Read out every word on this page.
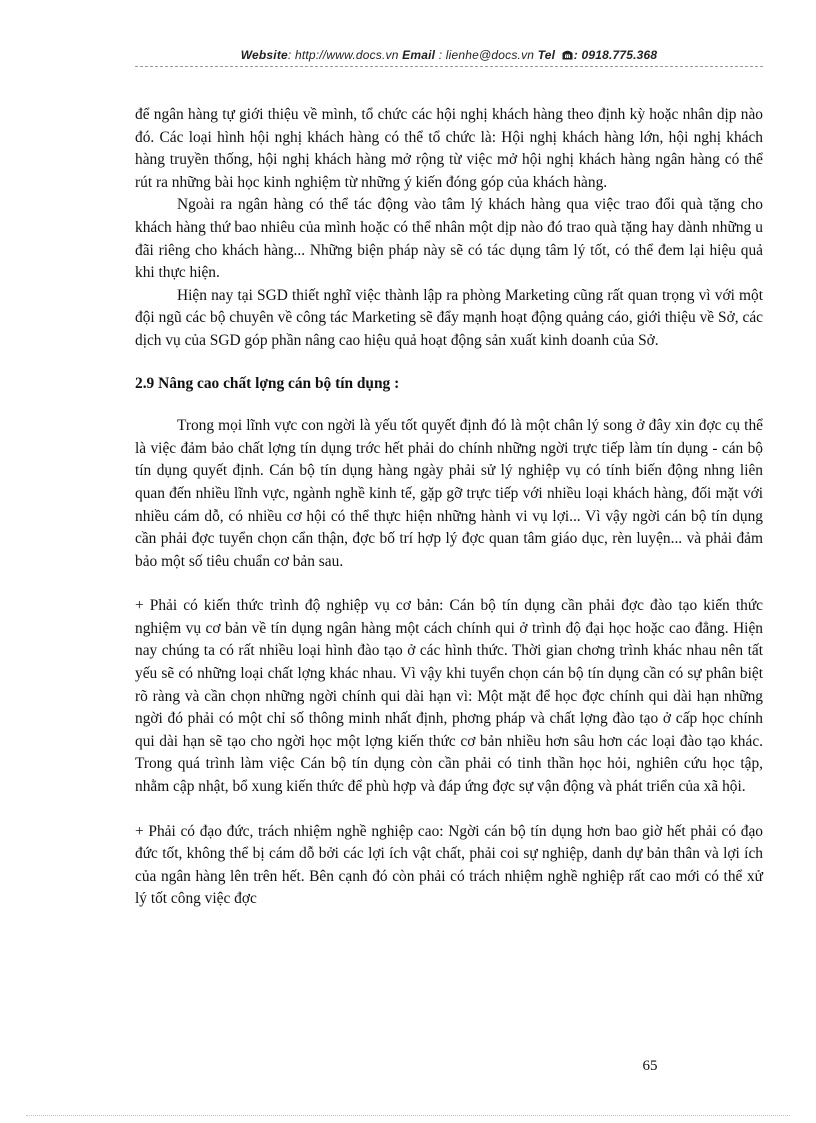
Website: http://www.docs.vn Email : lienhe@docs.vn Tel : 0918.775.368

để ngân hàng tự giới thiệu về mình, tổ chức các hội nghị khách hàng theo định kỳ hoặc nhân dịp nào đó. Các loại hình hội nghị khách hàng có thể tổ chức là: Hội nghị khách hàng lớn, hội nghị khách hàng truyền thống, hội nghị khách hàng mở rộng từ việc mở hội nghị khách hàng ngân hàng có thể rút ra những bài học kinh nghiệm từ những ý kiến đóng góp của khách hàng.

Ngoài ra ngân hàng có thể tác động vào tâm lý khách hàng qua việc trao đổi quà tặng cho khách hàng thứ bao nhiêu của mình hoặc có thể nhân một dịp nào đó trao quà tặng hay dành những u đãi riêng cho khách hàng... Những biện pháp này sẽ có tác dụng tâm lý tốt, có thể đem lại hiệu quả khi thực hiện.

Hiện nay tại SGD thiết nghĩ việc thành lập ra phòng Marketing cũng rất quan trọng vì với một đội ngũ các bộ chuyên về công tác Marketing sẽ đẩy mạnh hoạt động quảng cáo, giới thiệu về Sở, các dịch vụ của SGD góp phần nâng cao hiệu quả hoạt động sản xuất kinh doanh của Sở.

2.9 Nâng cao chất lợng cán bộ tín dụng :

Trong mọi lĩnh vực con ngời là yếu tốt quyết định đó là một chân lý song ở đây xin đợc cụ thể là việc đảm bảo chất lợng tín dụng trớc hết phải do chính những ngời trực tiếp làm tín dụng - cán bộ tín dụng quyết định. Cán bộ tín dụng hàng ngày phải sử lý nghiệp vụ có tính biến động nhng liên quan đến nhiều lĩnh vực, ngành nghề kinh tế, gặp gỡ trực tiếp với nhiều loại khách hàng, đối mặt với nhiều cám dỗ, có nhiều cơ hội có thể thực hiện những hành vi vụ lợi... Vì vậy ngời cán bộ tín dụng cần phải đợc tuyển chọn cẩn thận, đợc bố trí hợp lý đợc quan tâm giáo dục, rèn luyện... và phải đảm bảo một số tiêu chuẩn cơ bản sau.

+ Phải có kiến thức trình độ nghiệp vụ cơ bản: Cán bộ tín dụng cần phải đợc đào tạo kiến thức nghiệm vụ cơ bản về tín dụng ngân hàng một cách chính qui ở trình độ đại học hoặc cao đẳng. Hiện nay chúng ta có rất nhiều loại hình đào tạo ở các hình thức. Thời gian chơng trình khác nhau nên tất yếu sẽ có những loại chất lợng khác nhau. Vì vậy khi tuyển chọn cán bộ tín dụng cần có sự phân biệt rõ ràng và cần chọn những ngời chính qui dài hạn vì: Một mặt để học đợc chính qui dài hạn những ngời đó phải có một chỉ số thông minh nhất định, phơng pháp và chất lợng đào tạo ở cấp học chính qui dài hạn sẽ tạo cho ngời học một lợng kiến thức cơ bản nhiều hơn sâu hơn các loại đào tạo khác. Trong quá trình làm việc Cán bộ tín dụng còn cần phải có tinh thần học hỏi, nghiên cứu học tập, nhằm cập nhật, bổ xung kiến thức để phù hợp và đáp ứng đợc sự vận động và phát triển của xã hội.

+ Phải có đạo đức, trách nhiệm nghề nghiệp cao: Ngời cán bộ tín dụng hơn bao giờ hết phải có đạo đức tốt, không thể bị cám dỗ bởi các lợi ích vật chất, phải coi sự nghiệp, danh dự bản thân và lợi ích của ngân hàng lên trên hết. Bên cạnh đó còn phải có trách nhiệm nghề nghiệp rất cao mới có thể xử lý tốt công việc đợc

65
